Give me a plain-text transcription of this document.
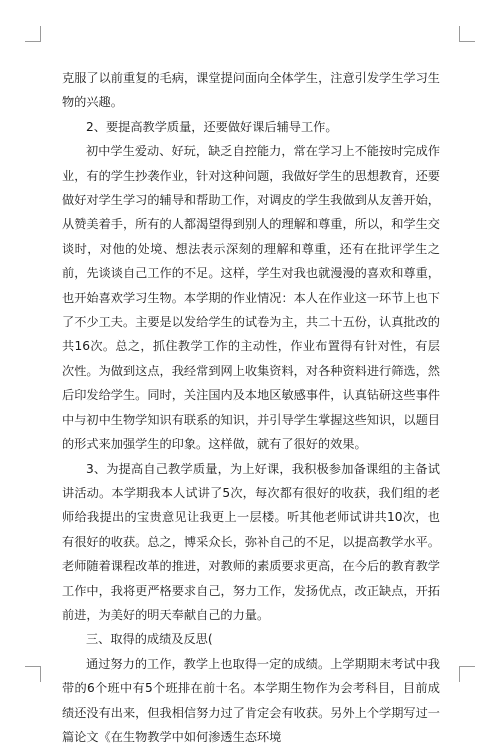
克服了以前重复的毛病，课堂提问面向全体学生，注意引发学生学习生物的兴趣。

2、要提高教学质量，还要做好课后辅导工作。

初中学生爱动、好玩，缺乏自控能力，常在学习上不能按时完成作业，有的学生抄袭作业，针对这种问题，我做好学生的思想教育，还要做好对学生学习的辅导和帮助工作，对调皮的学生我做到从友善开始，从赞美着手，所有的人都渴望得到别人的理解和尊重，所以，和学生交谈时，对他的处境、想法表示深刻的理解和尊重，还有在批评学生之前，先谈谈自己工作的不足。这样，学生对我也就漫漫的喜欢和尊重，也开始喜欢学习生物。本学期的作业情况：本人在作业这一环节上也下了不少工夫。主要是以发给学生的试卷为主，共二十五份，认真批改的共16次。总之，抓住教学工作的主动性，作业布置得有针对性，有层次性。为做到这点，我经常到网上收集资料，对各种资料进行筛选，然后印发给学生。同时，关注国内及本地区敏感事件，认真钻研这些事件中与初中生物学知识有联系的知识，并引导学生掌握这些知识，以题目的形式来加强学生的印象。这样做，就有了很好的效果。

3、为提高自己教学质量，为上好课，我积极参加备课组的主备试讲活动。本学期我本人试讲了5次，每次都有很好的收获，我们组的老师给我提出的宝贵意见让我更上一层楼。听其他老师试讲共10次，也有很好的收获。总之，博采众长，弥补自己的不足，以提高教学水平。老师随着课程改革的推进，对教师的素质要求更高，在今后的教育教学工作中，我将更严格要求自己，努力工作，发扬优点，改正缺点，开拓前进，为美好的明天奉献自己的力量。

三、取得的成绩及反思(

通过努力的工作，教学上也取得一定的成绩。上学期期末考试中我带的6个班中有5个班排在前十名。本学期生物作为会考科目，目前成绩还没有出来，但我相信努力过了肯定会有收获。另外上个学期写过一篇论文《在生物教学中如何渗透生态环境
